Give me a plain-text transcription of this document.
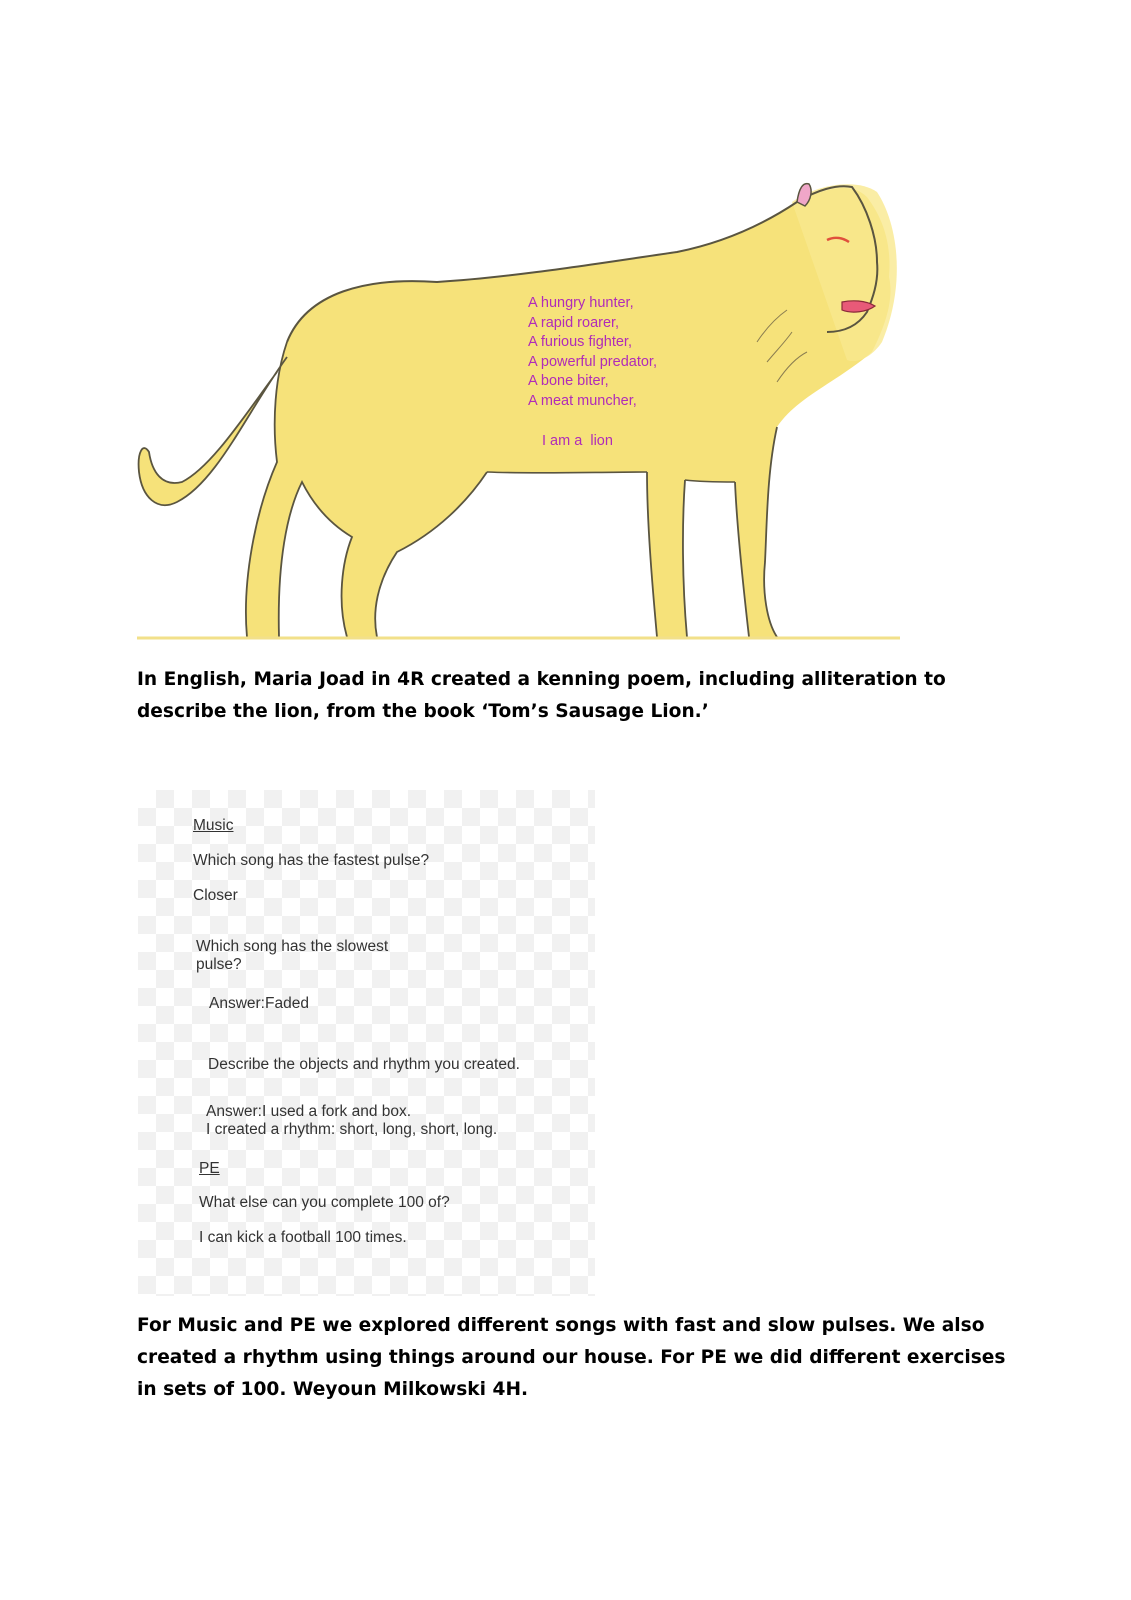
A hungry hunter,
A rapid roarer,
A furious fighter,
A powerful predator,
A bone biter,
A meat muncher,
I am a  lion

In English, Maria Joad in 4R created a kenning poem, including alliteration to describe the lion, from the book ‘Tom’s Sausage Lion.’

Music

Which song has the fastest pulse?

Closer

Which song has the slowest

pulse?

Answer:Faded

Describe the objects and rhythm you created.

Answer:I used a fork and box.

I created a rhythm: short, long, short, long.

PE

What else can you complete 100 of?

I can kick a football 100 times.

For Music and PE we explored different songs with fast and slow pulses. We also created a rhythm using things around our house. For PE we did different exercises in sets of 100. Weyoun Milkowski 4H.
